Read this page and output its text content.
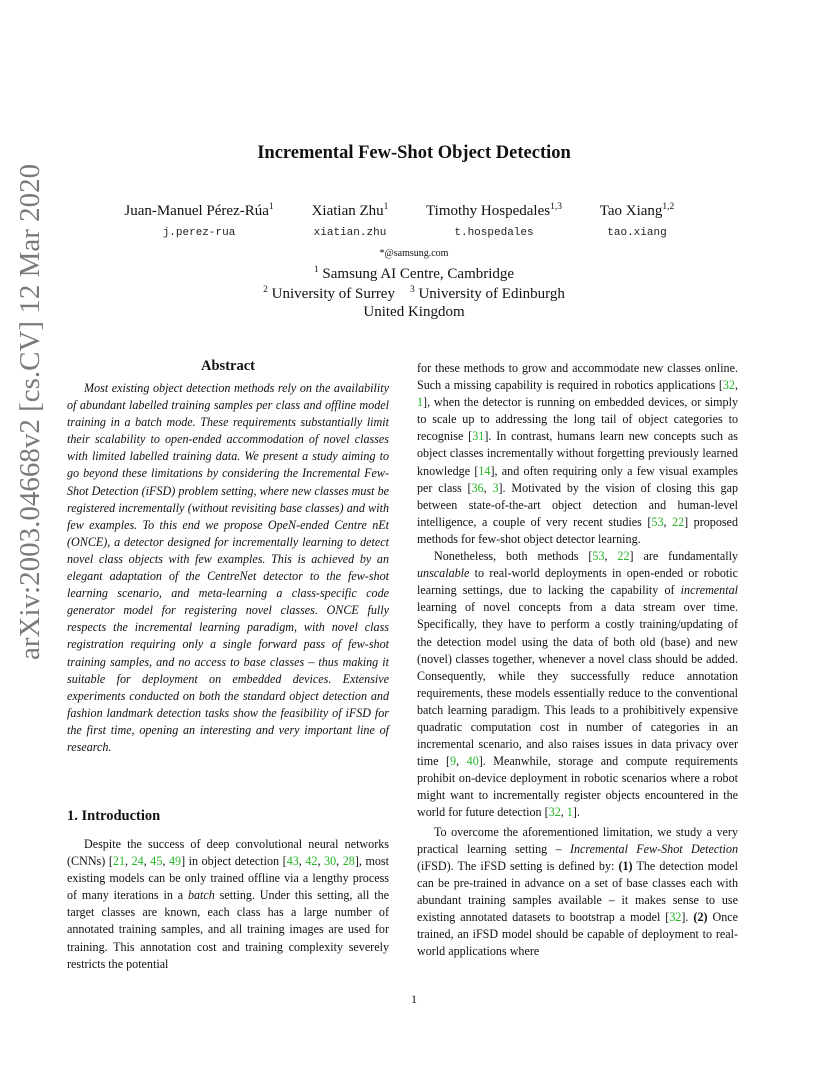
arXiv:2003.04668v2 [cs.CV] 12 Mar 2020
Incremental Few-Shot Object Detection
Juan-Manuel Pérez-Rúa$^1$
j.perez-rua
Xiatian Zhu$^1$
xiatian.zhu
Timothy Hospedales$^{1,3}$
t.hospedales
Tao Xiang$^{1,2}$
tao.xiang
*@samsung.com
$^1$ Samsung AI Centre, Cambridge
$^2$ University of Surrey $^3$ University of Edinburgh
United Kingdom
Abstract

Most existing object detection methods rely on the availability of abundant labelled training samples per class and offline model training in a batch mode. These requirements substantially limit their scalability to open-ended accommodation of novel classes with limited labelled training data. We present a study aiming to go beyond these limitations by considering the Incremental Few-Shot Detection (iFSD) problem setting, where new classes must be registered incrementally (without revisiting base classes) and with few examples. To this end we propose OpeN-ended Centre nEt (ONCE), a detector designed for incrementally learning to detect novel class objects with few examples. This is achieved by an elegant adaptation of the CentreNet detector to the few-shot learning scenario, and meta-learning a class-specific code generator model for registering novel classes. ONCE fully respects the incremental learning paradigm, with novel class registration requiring only a single forward pass of few-shot training samples, and no access to base classes – thus making it suitable for deployment on embedded devices. Extensive experiments conducted on both the standard object detection and fashion landmark detection tasks show the feasibility of iFSD for the first time, opening an interesting and very important line of research.

1. Introduction

Despite the success of deep convolutional neural networks (CNNs) [21, 24, 45, 49] in object detection [43, 42, 30, 28], most existing models can be only trained offline via a lengthy process of many iterations in a batch setting. Under this setting, all the target classes are known, each class has a large number of annotated training samples, and all training images are used for training. This annotation cost and training complexity severely restricts the potential

for these methods to grow and accommodate new classes online. Such a missing capability is required in robotics applications [32, 1], when the detector is running on embedded devices, or simply to scale up to addressing the long tail of object categories to recognise [31]. In contrast, humans learn new concepts such as object classes incrementally without forgetting previously learned knowledge [14], and often requiring only a few visual examples per class [36, 3]. Motivated by the vision of closing this gap between state-of-the-art object detection and human-level intelligence, a couple of very recent studies [53, 22] proposed methods for few-shot object detector learning.

Nonetheless, both methods [53, 22] are fundamentally unscalable to real-world deployments in open-ended or robotic learning settings, due to lacking the capability of incremental learning of novel concepts from a data stream over time. Specifically, they have to perform a costly training/updating of the detection model using the data of both old (base) and new (novel) classes together, whenever a novel class should be added. Consequently, while they successfully reduce annotation requirements, these models essentially reduce to the conventional batch learning paradigm. This leads to a prohibitively expensive quadratic computation cost in number of categories in an incremental scenario, and also raises issues in data privacy over time [9, 40]. Meanwhile, storage and compute requirements prohibit on-device deployment in robotic scenarios where a robot might want to incrementally register objects encountered in the world for future detection [32, 1].

To overcome the aforementioned limitation, we study a very practical learning setting – Incremental Few-Shot Detection (iFSD). The iFSD setting is defined by: (1) The detection model can be pre-trained in advance on a set of base classes each with abundant training samples available – it makes sense to use existing annotated datasets to bootstrap a model [32]. (2) Once trained, an iFSD model should be capable of deployment to real-world applications where

1
